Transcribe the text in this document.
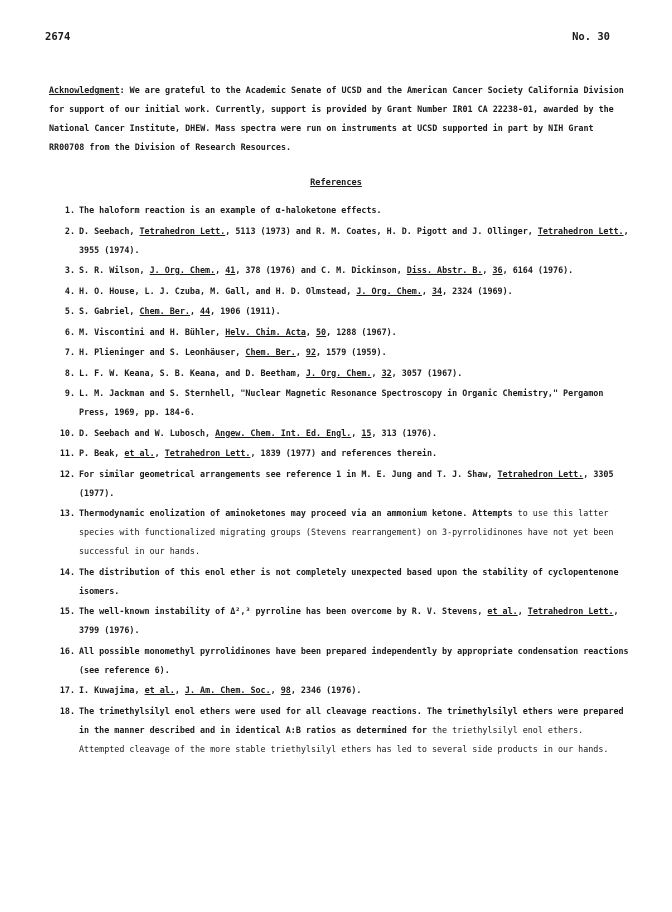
2674	No. 30

Acknowledgment: We are grateful to the Academic Senate of UCSD and the American Cancer Society California Division for support of our initial work. Currently, support is provided by Grant Number IR01 CA 22238-01, awarded by the National Cancer Institute, DHEW. Mass spectra were run on instruments at UCSD supported in part by NIH Grant RR00708 from the Division of Research Resources.

References
1. The haloform reaction is an example of α-haloketone effects.
2. D. Seebach, Tetrahedron Lett., 5113 (1973) and R. M. Coates, H. D. Pigott and J. Ollinger, Tetrahedron Lett., 3955 (1974).
3. S. R. Wilson, J. Org. Chem., 41, 378 (1976) and C. M. Dickinson, Diss. Abstr. B., 36, 6164 (1976).
4. H. O. House, L. J. Czuba, M. Gall, and H. D. Olmstead, J. Org. Chem., 34, 2324 (1969).
5. S. Gabriel, Chem. Ber., 44, 1906 (1911).
6. M. Viscontini and H. Bühler, Helv. Chim. Acta, 50, 1288 (1967).
7. H. Plieninger and S. Leonhäuser, Chem. Ber., 92, 1579 (1959).
8. L. F. W. Keana, S. B. Keana, and D. Beetham, J. Org. Chem., 32, 3057 (1967).
9. L. M. Jackman and S. Sternhell, "Nuclear Magnetic Resonance Spectroscopy in Organic Chemistry," Pergamon Press, 1969, pp. 184-6.
10. D. Seebach and W. Lubosch, Angew. Chem. Int. Ed. Engl., 15, 313 (1976).
11. P. Beak, et al., Tetrahedron Lett., 1839 (1977) and references therein.
12. For similar geometrical arrangements see reference 1 in M. E. Jung and T. J. Shaw, Tetrahedron Lett., 3305 (1977).
13. Thermodynamic enolization of aminoketones may proceed via an ammonium ketone. Attempts to use this latter species with functionalized migrating groups (Stevens rearrangement) on 3-pyrrolidinones have not yet been successful in our hands.
14. The distribution of this enol ether is not completely unexpected based upon the stability of cyclopentenone isomers.
15. The well-known instability of Δ²,³ pyrroline has been overcome by R. V. Stevens, et al., Tetrahedron Lett., 3799 (1976).
16. All possible monomethyl pyrrolidinones have been prepared independently by appropriate condensation reactions (see reference 6).
17. I. Kuwajima, et al., J. Am. Chem. Soc., 98, 2346 (1976).
18. The trimethylsilyl enol ethers were used for all cleavage reactions. The trimethylsilyl ethers were prepared in the manner described and in identical A:B ratios as determined for the triethylsilyl enol ethers. Attempted cleavage of the more stable triethylsilyl ethers has led to several side products in our hands.
